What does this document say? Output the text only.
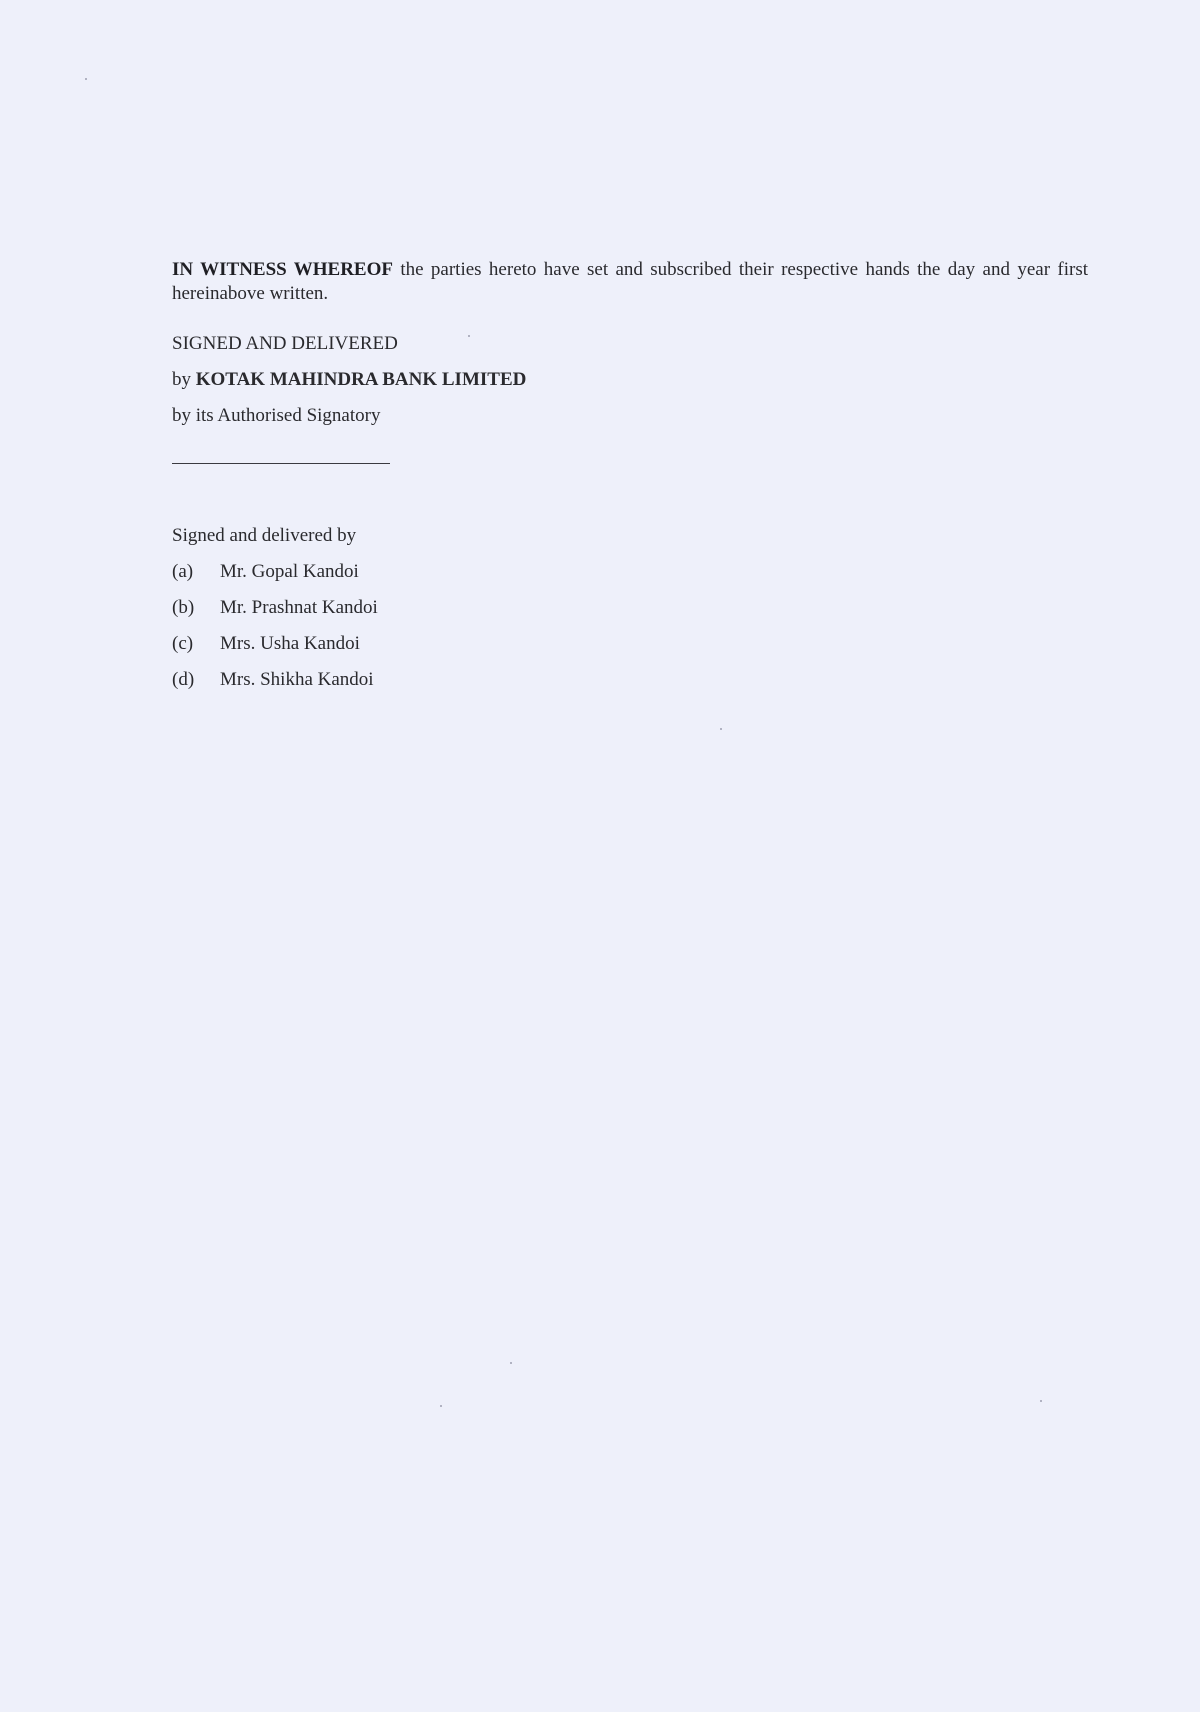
IN WITNESS WHEREOF the parties hereto have set and subscribed their respective hands the day and year first hereinabove written.

SIGNED AND DELIVERED
by KOTAK MAHINDRA BANK LIMITED
by its Authorised Signatory
Signed and delivered by
(a)	Mr. Gopal Kandoi
(b)	Mr. Prashnat Kandoi
(c)	Mrs. Usha Kandoi
(d)	Mrs. Shikha Kandoi
